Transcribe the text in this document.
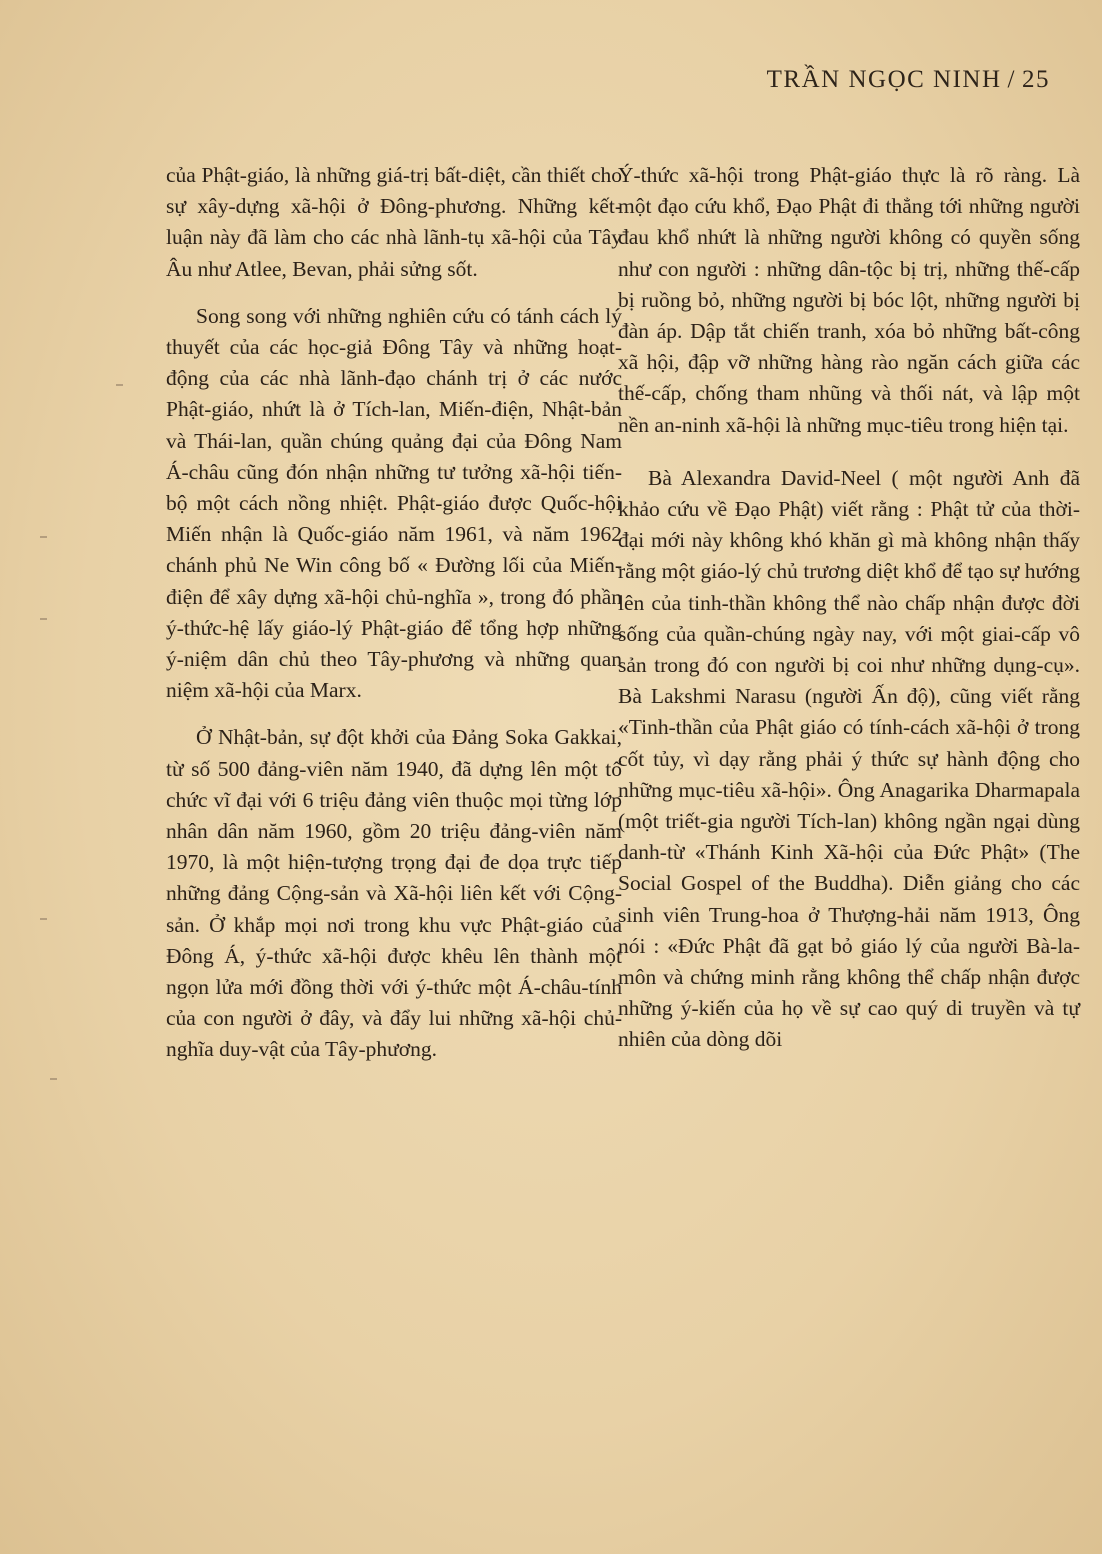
TRẦN NGỌC NINH / 25

của Phật-giáo, là những giá-trị bất-diệt, cần thiết cho sự xây-dựng xã-hội ở Đông-phương. Những kết-luận này đã làm cho các nhà lãnh-tụ xã-hội của Tây Âu như Atlee, Bevan, phải sửng sốt.

Song song với những nghiên cứu có tánh cách lý thuyết của các học-giả Đông Tây và những hoạt-động của các nhà lãnh-đạo chánh trị ở các nước Phật-giáo, nhứt là ở Tích-lan, Miến-điện, Nhật-bản và Thái-lan, quần chúng quảng đại của Đông Nam Á-châu cũng đón nhận những tư tưởng xã-hội tiến-bộ một cách nồng nhiệt. Phật-giáo được Quốc-hội Miến nhận là Quốc-giáo năm 1961, và năm 1962 chánh phủ Ne Win công bố « Đường lối của Miến-điện để xây dựng xã-hội chủ-nghĩa », trong đó phần ý-thức-hệ lấy giáo-lý Phật-giáo để tổng hợp những ý-niệm dân chủ theo Tây-phương và những quan niệm xã-hội của Marx.

Ở Nhật-bản, sự đột khởi của Đảng Soka Gakkai, từ số 500 đảng-viên năm 1940, đã dựng lên một tổ chức vĩ đại với 6 triệu đảng viên thuộc mọi từng lớp nhân dân năm 1960, gồm 20 triệu đảng-viên năm 1970, là một hiện-tượng trọng đại đe dọa trực tiếp những đảng Cộng-sản và Xã-hội liên kết với Cộng-sản. Ở khắp mọi nơi trong khu vực Phật-giáo của Đông Á, ý-thức xã-hội được khêu lên thành một ngọn lửa mới đồng thời với ý-thức một Á-châu-tính của con người ở đây, và đẩy lui những xã-hội chủ-nghĩa duy-vật của Tây-phương.

Ý-thức xã-hội trong Phật-giáo thực là rõ ràng. Là một đạo cứu khổ, Đạo Phật đi thẳng tới những người đau khổ nhứt là những người không có quyền sống như con người : những dân-tộc bị trị, những thế-cấp bị ruồng bỏ, những người bị bóc lột, những người bị đàn áp. Dập tắt chiến tranh, xóa bỏ những bất-công xã hội, đập vỡ những hàng rào ngăn cách giữa các thế-cấp, chống tham nhũng và thối nát, và lập một nền an-ninh xã-hội là những mục-tiêu trong hiện tại.

Bà Alexandra David-Neel ( một người Anh đã khảo cứu về Đạo Phật) viết rằng : Phật tử của thời-đại mới này không khó khăn gì mà không nhận thấy rằng một giáo-lý chủ trương diệt khổ để tạo sự hướng lên của tinh-thần không thể nào chấp nhận được đời sống của quần-chúng ngày nay, với một giai-cấp vô sản trong đó con người bị coi như những dụng-cụ». Bà Lakshmi Narasu (người Ấn độ), cũng viết rằng «Tinh-thần của Phật giáo có tính-cách xã-hội ở trong cốt tủy, vì dạy rằng phải ý thức sự hành động cho những mục-tiêu xã-hội». Ông Anagarika Dharmapala (một triết-gia người Tích-lan) không ngần ngại dùng danh-từ «Thánh Kinh Xã-hội của Đức Phật» (The Social Gospel of the Buddha). Diễn giảng cho các sinh viên Trung-hoa ở Thượng-hải năm 1913, Ông nói : «Đức Phật đã gạt bỏ giáo lý của người Bà-la-môn và chứng minh rằng không thể chấp nhận được những ý-kiến của họ về sự cao quý di truyền và tự nhiên của dòng dõi
